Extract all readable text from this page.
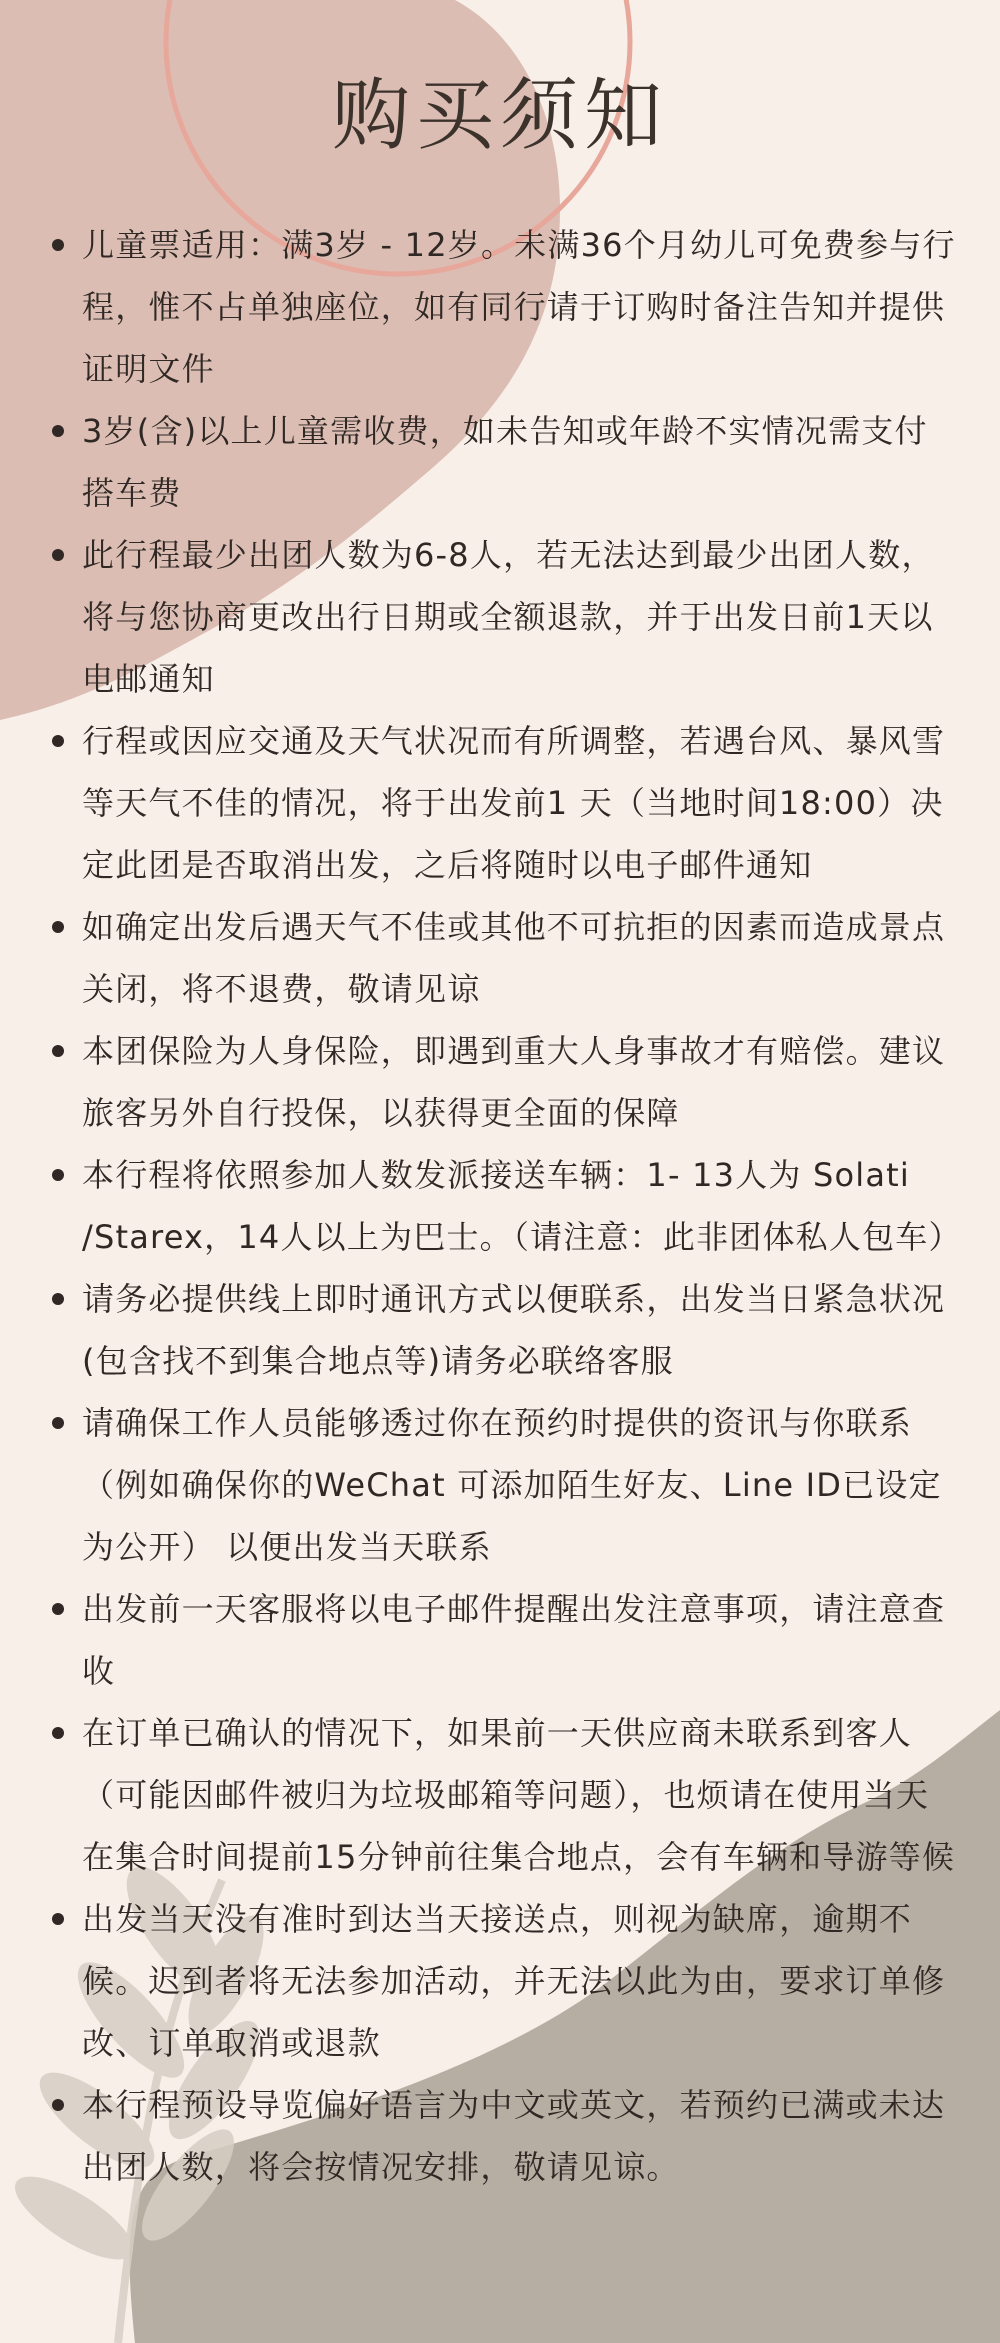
购买须知
儿童票适用：满3岁 - 12岁。未满36个月幼儿可免费参与行程，惟不占单独座位，如有同行请于订购时备注告知并提供证明文件
3岁(含)以上儿童需收费，如未告知或年龄不实情况需支付搭车费
此行程最少出团人数为6-8人，若无法达到最少出团人数，将与您协商更改出行日期或全额退款，并于出发日前1天以电邮通知
行程或因应交通及天气状况而有所调整，若遇台风、暴风雪等天气不佳的情况，将于出发前1 天（当地时间18:00）决定此团是否取消出发，之后将随时以电子邮件通知
如确定出发后遇天气不佳或其他不可抗拒的因素而造成景点关闭，将不退费，敬请见谅
本团保险为人身保险，即遇到重大人身事故才有赔偿。建议旅客另外自行投保，以获得更全面的保障
本行程将依照参加人数发派接送车辆：1- 13人为 Solati /Starex，14人以上为巴士。（请注意：此非团体私人包车）
请务必提供线上即时通讯方式以便联系，出发当日紧急状况(包含找不到集合地点等)请务必联络客服
请确保工作人员能够透过你在预约时提供的资讯与你联系（例如确保你的WeChat 可添加陌生好友、Line ID已设定为公开） 以便出发当天联系
出发前一天客服将以电子邮件提醒出发注意事项，请注意查收
在订单已确认的情况下，如果前一天供应商未联系到客人（可能因邮件被归为垃圾邮箱等问题），也烦请在使用当天在集合时间提前15分钟前往集合地点，会有车辆和导游等候
出发当天没有准时到达当天接送点，则视为缺席，逾期不候。迟到者将无法参加活动，并无法以此为由，要求订单修改、订单取消或退款
本行程预设导览偏好语言为中文或英文，若预约已满或未达出团人数，将会按情况安排，敬请见谅。
